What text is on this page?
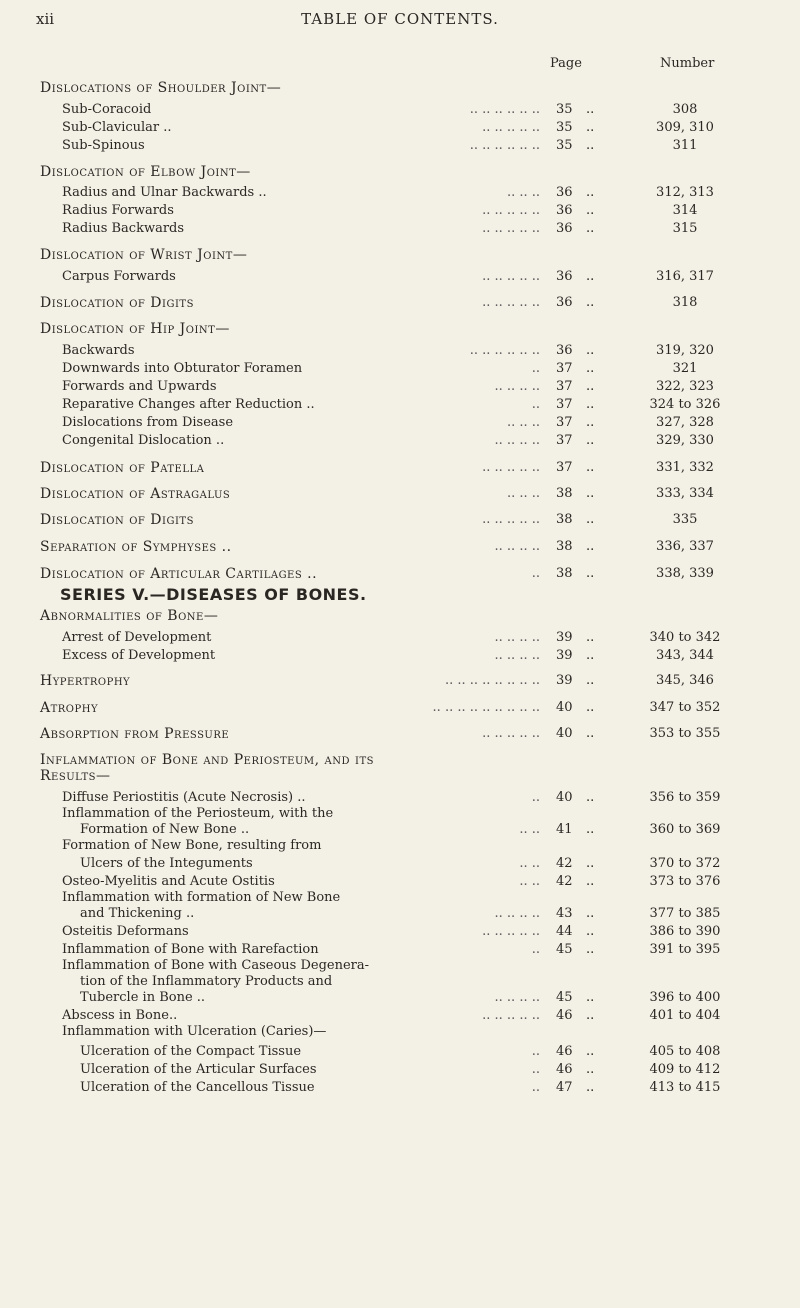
xii	TABLE OF CONTENTS.
Page	Number
SERIES V.—DISEASES OF BONES.
Dislocations of Shoulder Joint—
Sub-Coracoid	.. .. .. .. .. .. 35 ..	308
Sub-Clavicular ..	.. .. .. .. .. 35 ..	309, 310
Sub-Spinous	.. .. .. .. .. .. 35 ..	311
Dislocation of Elbow Joint—
Radius and Ulnar Backwards ..	.. .. .. 36 ..	312, 313
Radius Forwards	.. .. .. .. .. 36 ..	314
Radius Backwards	.. .. .. .. .. 36 ..	315
Dislocation of Wrist Joint—
Carpus Forwards	.. .. .. .. .. 36 ..	316, 317
Dislocation of Digits	.. .. .. .. .. 36 ..	318
Dislocation of Hip Joint—
Backwards	.. .. .. .. .. .. 36 ..	319, 320
Downwards into Obturator Foramen	.. 37 ..	321
Forwards and Upwards	.. .. .. .. 37 ..	322, 323
Reparative Changes after Reduction ..	.. 37 ..	324 to 326
Dislocations from Disease	.. .. .. 37 ..	327, 328
Congenital Dislocation ..	.. .. .. .. 37 ..	329, 330
Dislocation of Patella	.. .. .. .. .. 37 ..	331, 332
Dislocation of Astragalus	.. .. .. 38 ..	333, 334
Dislocation of Digits	.. .. .. .. .. 38 ..	335
Separation of Symphyses ..	.. .. .. .. 38 ..	336, 337
Dislocation of Articular Cartilages ..	.. 38 ..	338, 339
Abnormalities of Bone—
Arrest of Development	.. .. .. .. 39 ..	340 to 342
Excess of Development	.. .. .. .. 39 ..	343, 344
Hypertrophy	.. .. .. .. .. .. .. .. 39 ..	345, 346
Atrophy	.. .. .. .. .. .. .. .. .. 40 ..	347 to 352
Absorption from Pressure	.. .. .. .. .. 40 ..	353 to 355
Inflammation of Bone and Periosteum, and its
Results—
Diffuse Periostitis (Acute Necrosis) ..	.. 40 ..	356 to 359
Inflammation of the Periosteum, with the
Formation of New Bone ..	.. .. 41 ..	360 to 369
Formation of New Bone, resulting from
Ulcers of the Integuments	.. .. 42 ..	370 to 372
Osteo-Myelitis and Acute Ostitis	.. .. 42 ..	373 to 376
Inflammation with formation of New Bone
and Thickening ..	.. .. .. .. 43 ..	377 to 385
Osteitis Deformans	.. .. .. .. .. 44 ..	386 to 390
Inflammation of Bone with Rarefaction	.. 45 ..	391 to 395
Inflammation of Bone with Caseous Degenera-
tion of the Inflammatory Products and
Tubercle in Bone ..	.. .. .. .. 45 ..	396 to 400
Abscess in Bone..	.. .. .. .. .. 46 ..	401 to 404
Inflammation with Ulceration (Caries)—
Ulceration of the Compact Tissue	.. 46 ..	405 to 408
Ulceration of the Articular Surfaces	.. 46 ..	409 to 412
Ulceration of the Cancellous Tissue	.. 47 ..	413 to 415
